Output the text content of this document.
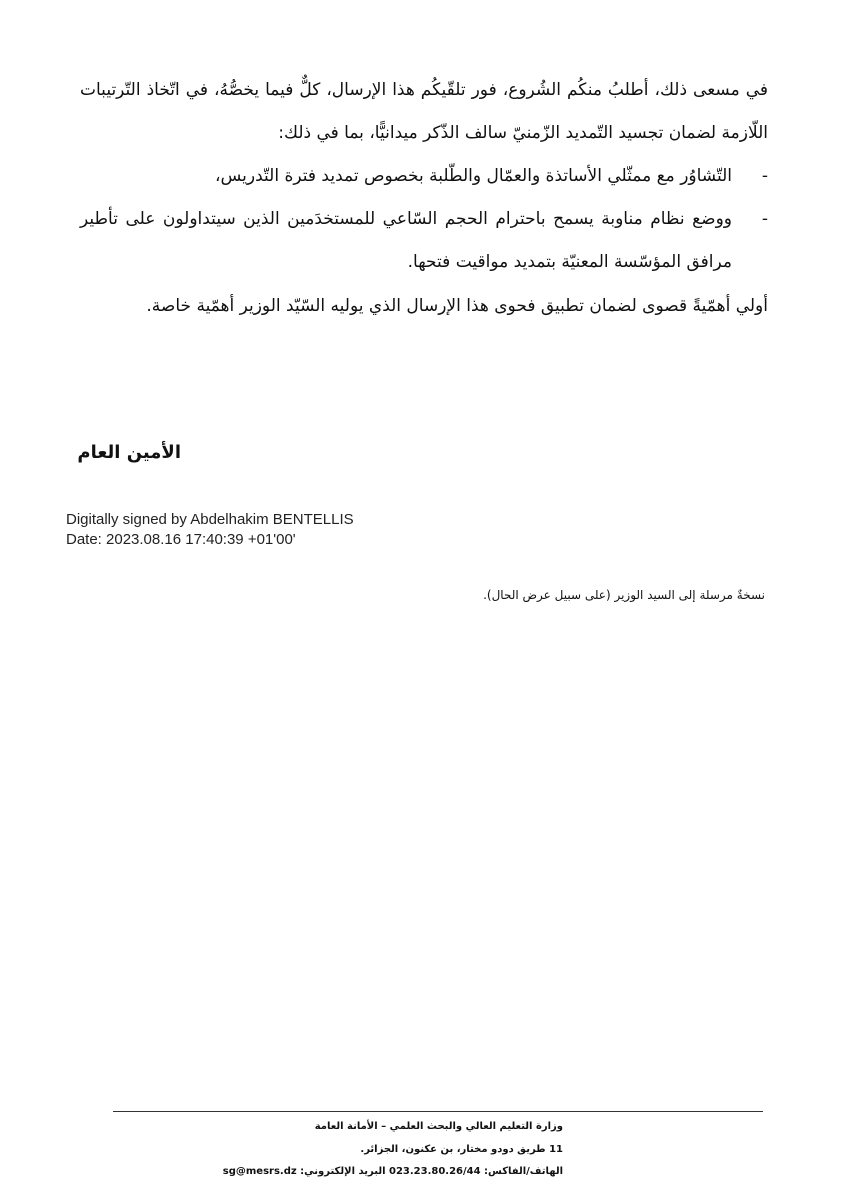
في مسعى ذلك، أطلبُ منكُم الشُروع، فور تلقّيكُم هذا الإرسال، كلٌّ فيما يخصُّهُ، في اتّخاذ التّرتيبات اللّازمة لضمان تجسيد التّمديد الزّمنيّ سالف الذّكر ميدانيًّا، بما في ذلك:

-
التّشاوُر مع ممثّلي الأساتذة والعمّال والطّلبة بخصوص تمديد فترة التّدريس،
-
ووضع نظام مناوبة يسمح باحترام الحجم السّاعي للمستخدَمين الذين سيتداولون على تأطير مرافق المؤسّسة المعنيّة بتمديد مواقيت فتحها.

أولي أهمّيةً قصوى لضمان تطبيق فحوى هذا الإرسال الذي يوليه السّيّد الوزير أهمّية خاصة.

الأمين العام
Digitally signed by Abdelhakim BENTELLIS
Date: 2023.08.16 17:40:39 +01'00'
نسخةٌ مرسلة إلى السيد الوزير (على سبيل عرض الحال).
وزارة التعليم العالي والبحث العلمي – الأمانة العامة
11 طريق دودو مختار، بن عكنون، الجزائر.
الهاتف/الفاكس: 023.23.80.26/44 البريد الإلكتروني: sg@mesrs.dz
